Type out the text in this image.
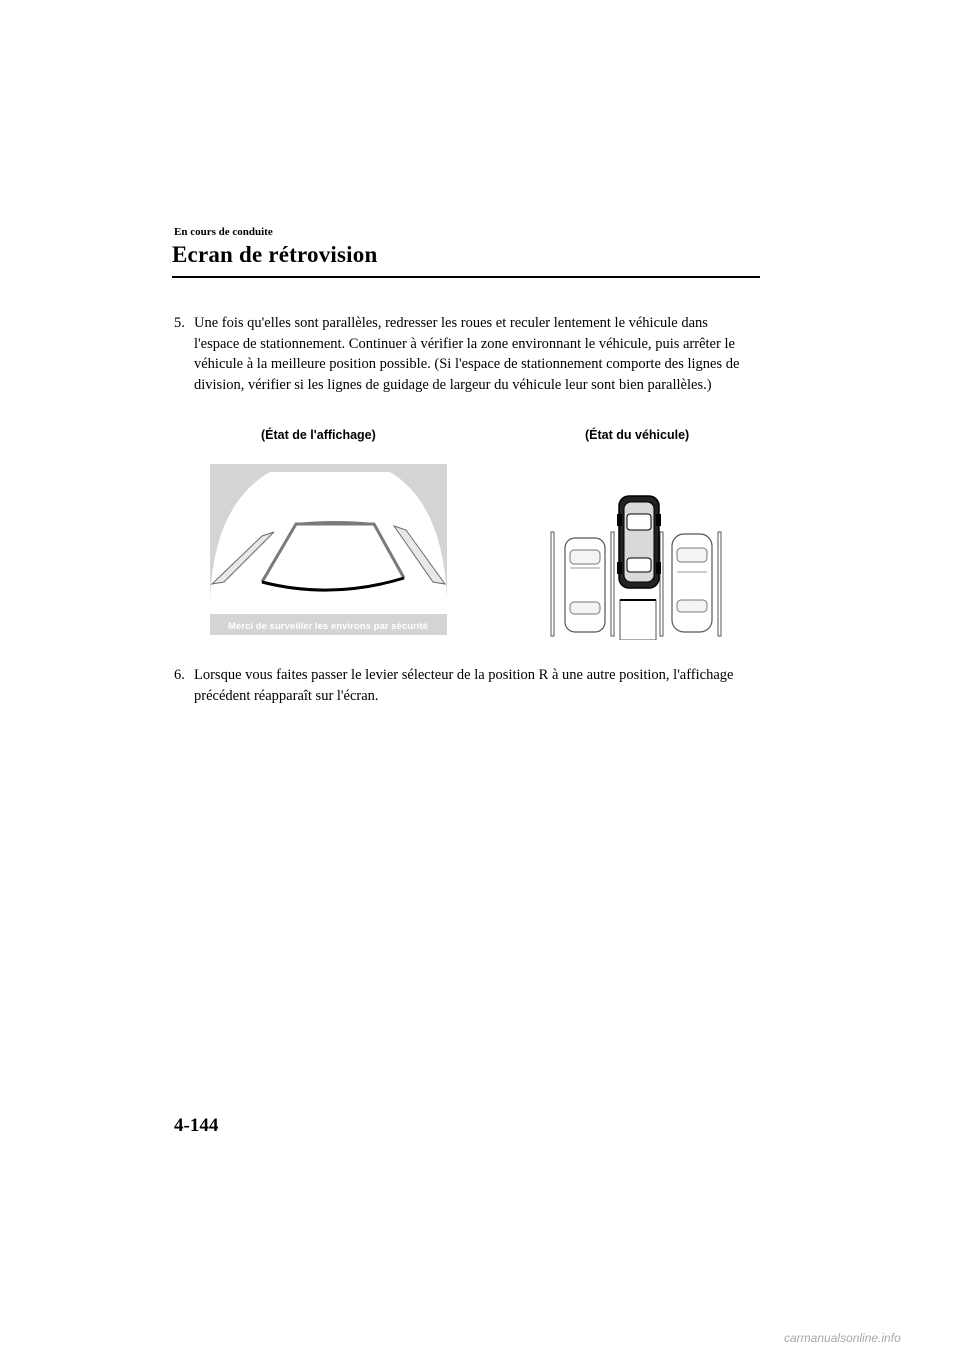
En cours de conduite
Ecran de rétrovision
5. Une fois qu'elles sont parallèles, redresser les roues et reculer lentement le véhicule dans l'espace de stationnement. Continuer à vérifier la zone environnant le véhicule, puis arrêter le véhicule à la meilleure position possible. (Si l'espace de stationnement comporte des lignes de division, vérifier si les lignes de guidage de largeur du véhicule leur sont bien parallèles.)
(État de l'affichage)	(État du véhicule)
Merci de surveiller les environs par sécurité
6. Lorsque vous faites passer le levier sélecteur de la position R à une autre position, l'affichage précédent réapparaît sur l'écran.
4-144
carmanualsonline.info
